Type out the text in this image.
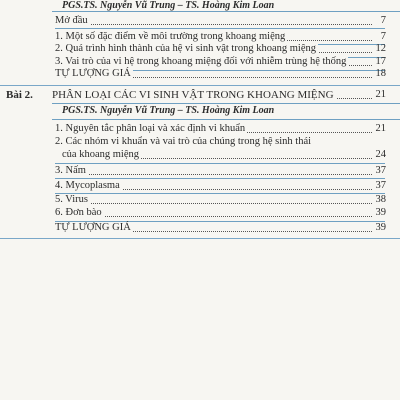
PGS.TS. Nguyễn Vũ Trung – TS. Hoàng Kim Loan
Mở đầu	7
1. Một số đặc điểm về môi trường trong khoang miệng	7
2. Quá trình hình thành của hệ vi sinh vật trong khoang miệng	12
3. Vai trò của vi hệ trong khoang miệng đối với nhiễm trùng hệ thống	17
TỰ LƯỢNG GIÁ	18
Bài 2. PHÂN LOẠI CÁC VI SINH VẬT TRONG KHOANG MIỆNG	21
PGS.TS. Nguyễn Vũ Trung – TS. Hoàng Kim Loan
1. Nguyên tắc phân loại và xác định vi khuẩn	21
2. Các nhóm vi khuẩn và vai trò của chúng trong hệ sinh thái
của khoang miệng	24
3. Nấm	37
4. Mycoplasma	37
5. Virus	38
6. Đơn bào	39
TỰ LƯỢNG GIÁ	39
